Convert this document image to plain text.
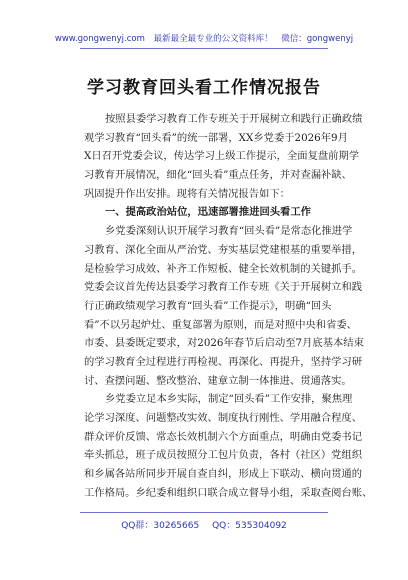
www.gongwenyj.com 最新最全最专业的公文资料库！ 微信：gongwenyj
学习教育回头看工作情况报告
按照县委学习教育工作专班关于开展树立和践行正确政绩
观学习教育“回头看”的统一部署，XX乡党委于2026年9月
X日召开党委会议，传达学习上级工作提示，全面复盘前期学
习教育开展情况，细化“回头看”重点任务，并对查漏补缺、
巩固提升作出安排。现将有关情况报告如下：
一、提高政治站位，迅速部署推进回头看工作
乡党委深刻认识开展学习教育“回头看”是常态化推进学
习教育、深化全面从严治党、夯实基层党建根基的重要举措，
是检验学习成效、补齐工作短板、健全长效机制的关键抓手。
党委会议首先传达县委学习教育工作专班《关于开展树立和践
行正确政绩观学习教育“回头看”工作提示》，明确“回头
看”不以另起炉灶、重复部署为原则，而是对照中央和省委、
市委、县委既定要求，对2026年春节后启动至7月底基本结束
的学习教育全过程进行再检视、再深化、再提升，坚持学习研
讨、查摆问题、整改整治、建章立制一体推进、贯通落实。
乡党委立足本乡实际，制定“回头看”工作安排，聚焦理
论学习深度、问题整改实效、制度执行刚性、学用融合程度、
群众评价反馈、常态长效机制六个方面重点，明确由党委书记
牵头抓总，班子成员按照分工包片负责，各村（社区）党组织
和乡属各站所同步开展自查自纠，形成上下联动、横向贯通的
工作格局。乡纪委和组织口联合成立督导小组，采取查阅台账、
QQ群：30265665 QQ：535304092
